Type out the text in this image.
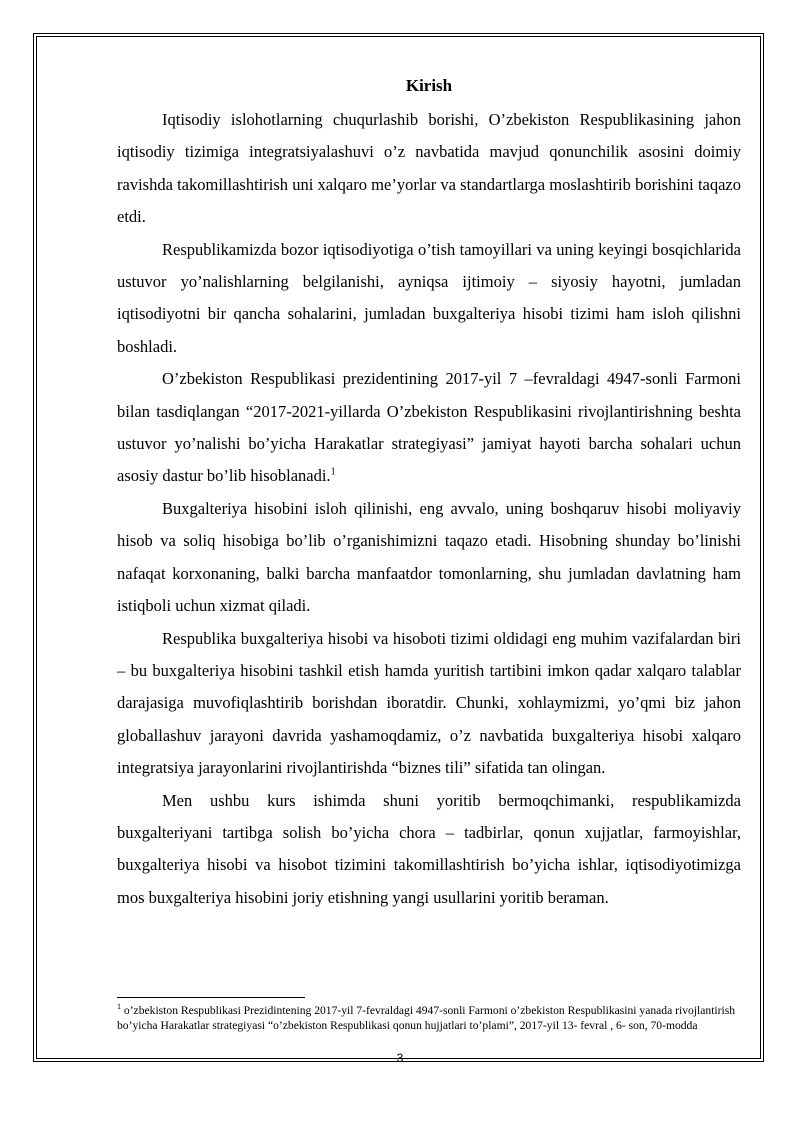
Kirish

Iqtisodiy islohotlarning chuqurlashib borishi, O’zbekiston Respublikasining jahon iqtisodiy tizimiga integratsiyalashuvi o’z navbatida mavjud qonunchilik asosini doimiy ravishda takomillashtirish uni xalqaro me’yorlar va standartlarga moslashtirib borishini taqazo etdi.

Respublikamizda bozor iqtisodiyotiga o’tish tamoyillari va uning keyingi bosqichlarida ustuvor yo’nalishlarning belgilanishi, ayniqsa ijtimoiy – siyosiy hayotni, jumladan iqtisodiyotni bir qancha sohalarini, jumladan buxgalteriya hisobi tizimi ham isloh qilishni boshladi.

O’zbekiston Respublikasi prezidentining 2017-yil 7 –fevraldagi 4947-sonli Farmoni bilan tasdiqlangan “2017-2021-yillarda O’zbekiston Respublikasini rivojlantirishning beshta ustuvor yo’nalishi bo’yicha Harakatlar strategiyasi” jamiyat hayoti barcha sohalari uchun asosiy dastur bo’lib hisoblanadi.$^1$

Buxgalteriya hisobini isloh qilinishi, eng avvalo, uning boshqaruv hisobi moliyaviy hisob va soliq hisobiga bo’lib o’rganishimizni taqazo etadi. Hisobning shunday bo’linishi nafaqat korxonaning, balki barcha manfaatdor tomonlarning, shu jumladan davlatning ham istiqboli uchun xizmat qiladi.

Respublika buxgalteriya hisobi va hisoboti tizimi oldidagi eng muhim vazifalardan biri – bu buxgalteriya hisobini tashkil etish hamda yuritish tartibini imkon qadar xalqaro talablar darajasiga muvofiqlashtirib borishdan iboratdir. Chunki, xohlaymizmi, yo’qmi biz jahon globallashuv jarayoni davrida yashamoqdamiz, o’z navbatida buxgalteriya hisobi xalqaro integratsiya jarayonlarini rivojlantirishda “biznes tili” sifatida tan olingan.

Men ushbu kurs ishimda shuni yoritib bermoqchimanki, respublikamizda buxgalteriyani tartibga solish bo’yicha chora – tadbirlar, qonun xujjatlar, farmoyishlar, buxgalteriya hisobi va hisobot tizimini takomillashtirish bo’yicha ishlar, iqtisodiyotimizga mos buxgalteriya hisobini joriy etishning yangi usullarini yoritib beraman.

$^1$ o’zbekiston Respublikasi Prezidintening 2017-yil 7-fevraldagi 4947-sonli Farmoni o’zbekiston Respublikasini yanada rivojlantirish bo’yicha Harakatlar strategiyasi “o’zbekiston Respublikasi qonun hujjatlari to’plami”, 2017-yil 13- fevral , 6- son, 70-modda

3
